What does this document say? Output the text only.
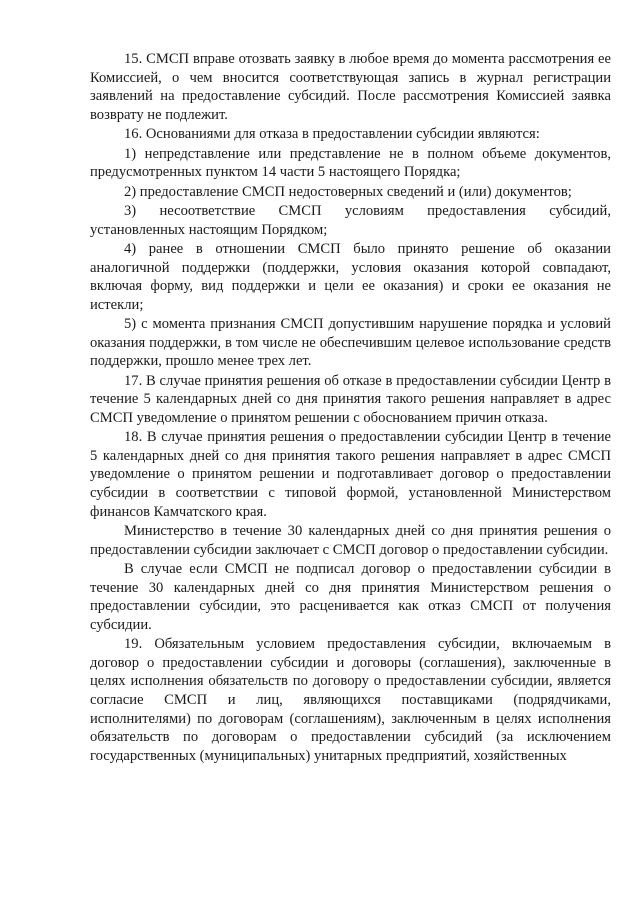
15. СМСП вправе отозвать заявку в любое время до момента рассмотрения ее Комиссией, о чем вносится соответствующая запись в журнал регистрации заявлений на предоставление субсидий. После рассмотрения Комиссией заявка возврату не подлежит.

16. Основаниями для отказа в предоставлении субсидии являются:

1) непредставление или представление не в полном объеме документов, предусмотренных пунктом 14 части 5 настоящего Порядка;

2) предоставление СМСП недостоверных сведений и (или) документов;

3) несоответствие СМСП условиям предоставления субсидий, установленных настоящим Порядком;

4) ранее в отношении СМСП было принято решение об оказании аналогичной поддержки (поддержки, условия оказания которой совпадают, включая форму, вид поддержки и цели ее оказания) и сроки ее оказания не истекли;

5) с момента признания СМСП допустившим нарушение порядка и условий оказания поддержки, в том числе не обеспечившим целевое использование средств поддержки, прошло менее трех лет.

17. В случае принятия решения об отказе в предоставлении субсидии Центр в течение 5 календарных дней со дня принятия такого решения направляет в адрес СМСП уведомление о принятом решении с обоснованием причин отказа.

18. В случае принятия решения о предоставлении субсидии Центр в течение 5 календарных дней со дня принятия такого решения направляет в адрес СМСП уведомление о принятом решении и подготавливает договор о предоставлении субсидии в соответствии с типовой формой, установленной Министерством финансов Камчатского края.

Министерство в течение 30 календарных дней со дня принятия решения о предоставлении субсидии заключает с СМСП договор о предоставлении субсидии.

В случае если СМСП не подписал договор о предоставлении субсидии в течение 30 календарных дней со дня принятия Министерством решения о предоставлении субсидии, это расценивается как отказ СМСП от получения субсидии.

19. Обязательным условием предоставления субсидии, включаемым в договор о предоставлении субсидии и договоры (соглашения), заключенные в целях исполнения обязательств по договору о предоставлении субсидии, является согласие СМСП и лиц, являющихся поставщиками (подрядчиками, исполнителями) по договорам (соглашениям), заключенным в целях исполнения обязательств по договорам о предоставлении субсидий (за исключением государственных (муниципальных) унитарных предприятий, хозяйственных
